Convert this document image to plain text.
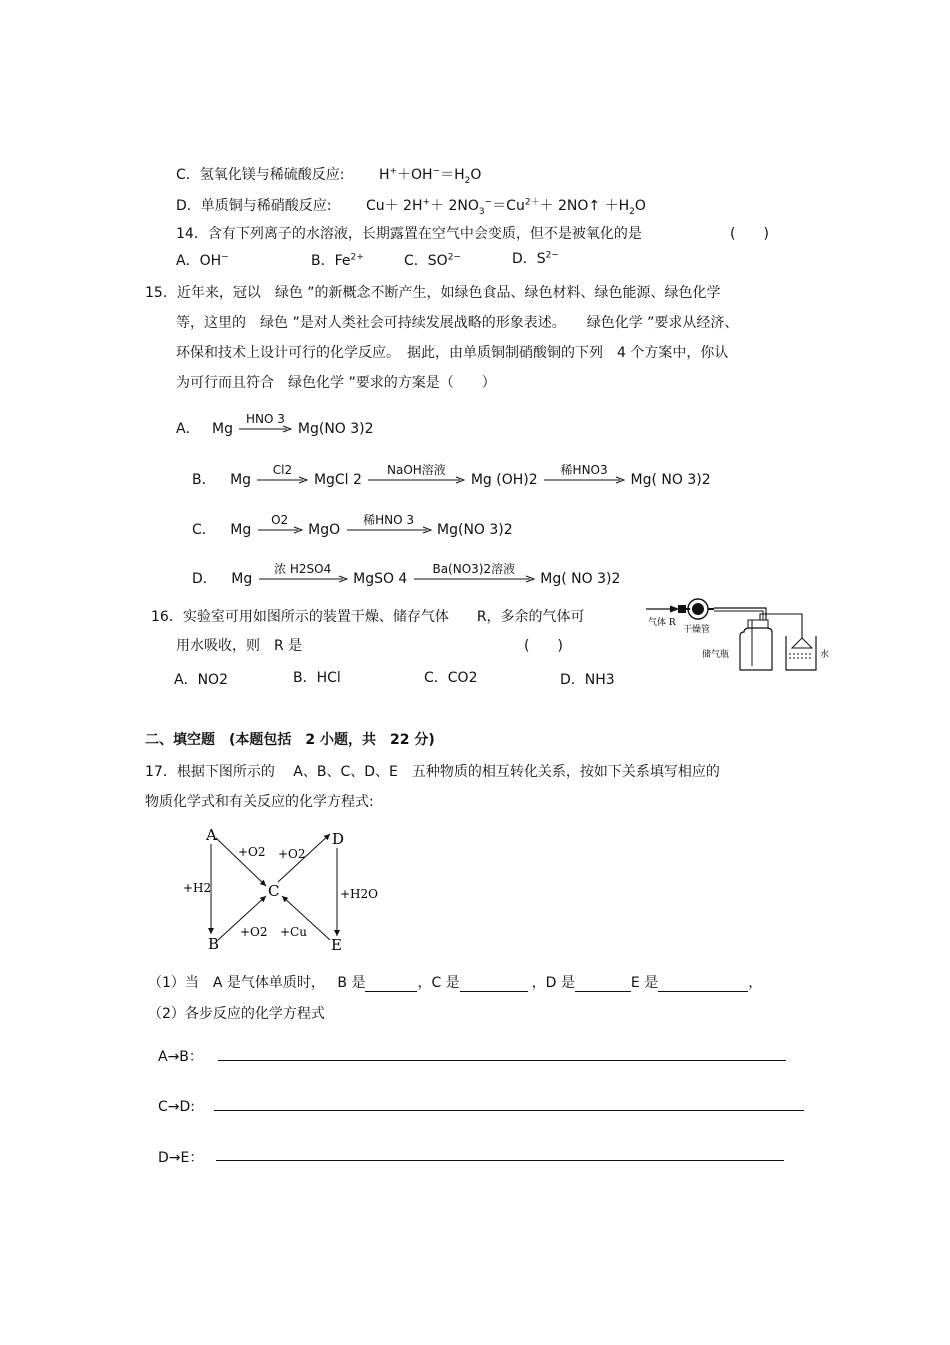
C．氢氧化镁与稀硫酸反应: $H^++OH^-=H_2O$
D．单质铜与稀硝酸反应: $Cu+ 2H^++ 2NO_3^-=Cu^{2+}+$ 2NO↑ $+H_2O$
14．含有下列离子的水溶液，长期露置在空气中会变质，但不是被氧化的是	(　　)
A．OH−	B．$Fe^{2+}$	C．$SO^{2-}$	D．$S^{2-}$
15．近年来，冠以　绿色 ”的新概念不断产生，如绿色食品、绿色材料、绿色能源、绿色化学
等，这里的　绿色 ”是对人类社会可持续发展战略的形象表述。　　绿色化学 ”要求从经济、
环保和技术上设计可行的化学反应。　据此，由单质铜制硝酸铜的下列　4 个方案中，你认
为可行而且符合　绿色化学 ”要求的方案是（　　）
A． Mg
HNO 3
Mg(NO 3)2
B． Mg
Cl2
MgCl 2
NaOH溶液
Mg (OH)2
稀HNO3
Mg( NO 3)2
C． Mg
O2
MgO
稀HNO 3
Mg(NO 3)2
D． Mg
浓 H2SO4
MgSO 4
Ba(NO3)2溶液
Mg( NO 3)2
16．实验室可用如图所示的装置干燥、储存气体　　R，多余的气体可
用水吸收，则　R 是	(　　)
A．NO2	B．HCl	C．CO2	D．NH3
气体 R
干燥管
储气瓶	水
二、填空题　(本题包括　2 小题，共　22 分)
17．根据下图所示的　 A、B、C、D、E　五种物质的相互转化关系，按如下关系填写相应的
物质化学式和有关反应的化学方程式:
A
B
C
D
E
+O2 +O2
+H2	+H2O
+O2 +Cu
（1）当　A 是气体单质时， B 是	，C 是	，D 是	E 是	，
（2）各步反应的化学方程式
A→B：
C→D:
D→E：
